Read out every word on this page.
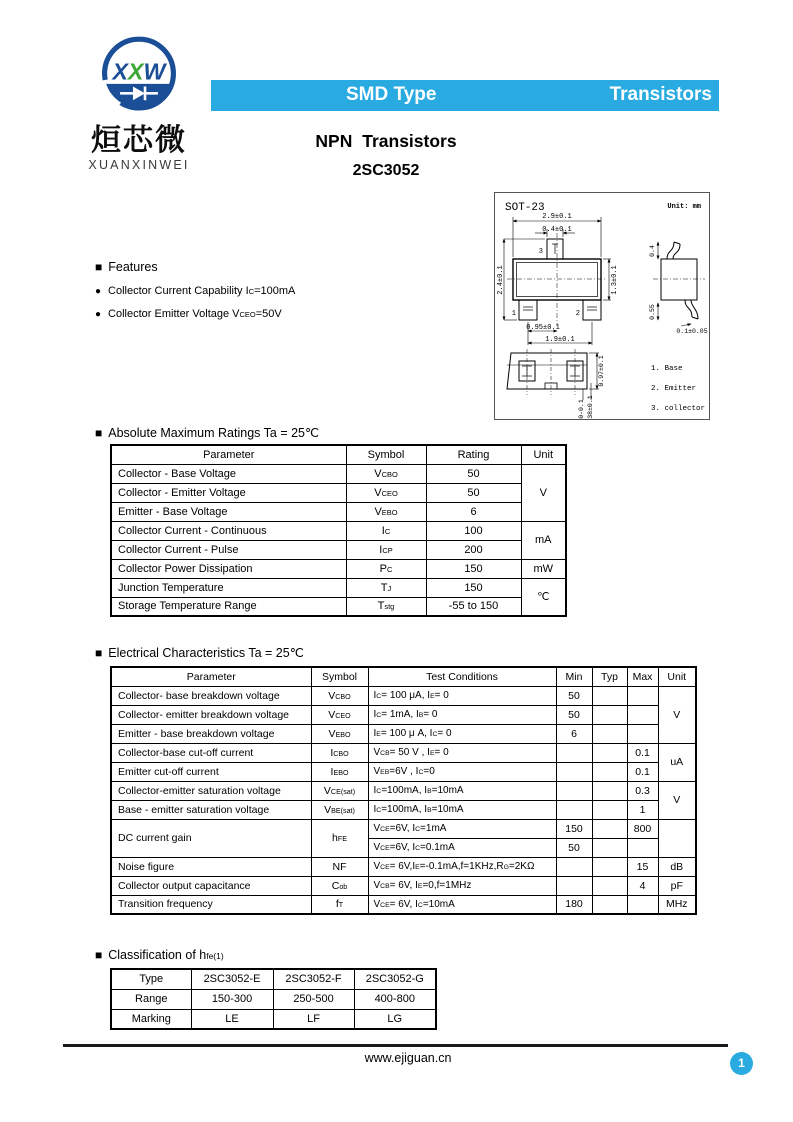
XXW
烜芯微
XUANXINWEI
SMD Type	Transistors
NPN Transistors
2SC3052
■ Features
● Collector Current Capability IC=100mA
● Collector Emitter Voltage VCEO=50V
SOT-23	Unit: mm
3
1	2
2.9±0.1
0.4±0.1
2.4±0.1	1.3±0.1
0.95±0.1
1.9±0.1
0.4
0.55
0.1±0.05
0.97±0.1
0-0.1 0.38±0.1
1. Base
2. Emitter
3. collector
■ Absolute Maximum Ratings Ta = 25℃
Parameter	Symbol	Rating	Unit
Collector - Base Voltage	VCBO	50	V
Collector - Emitter Voltage	VCEO	50	
Emitter - Base Voltage	VEBO	6	
Collector Current - Continuous	IC	100	mA
Collector Current - Pulse	ICP	200	
Collector Power Dissipation	PC	150	mW
Junction Temperature	TJ	150	℃
Storage Temperature Range	Tstg	-55 to 150	
■ Electrical Characteristics Ta = 25℃
Parameter	Symbol	Test Conditions	Min	Typ	Max	Unit
Collector- base breakdown voltage	VCBO	IC= 100 μA, IE= 0	50			V
Collector- emitter breakdown voltage	VCEO	IC= 1mA, IB= 0	50			
Emitter - base breakdown voltage	VEBO	IE= 100 μ A, IC= 0	6			
Collector-base cut-off current	ICBO	VCB= 50 V , IE= 0			0.1	uA
Emitter cut-off current	IEBO	VEB=6V , IC=0			0.1	
Collector-emitter saturation voltage	VCE(sat)	IC=100mA, IB=10mA			0.3	V
Base - emitter saturation voltage	VBE(sat)	IC=100mA, IB=10mA			1	
DC current gain	hFE	VCE=6V, IC=1mA	150		800	
		VCE=6V, IC=0.1mA	50			
Noise figure	NF	VCE= 6V,IE=-0.1mA,f=1KHz,RG=2KΩ			15	dB
Collector output capacitance	Cob	VCB= 6V, IE=0,f=1MHz			4	pF
Transition frequency	fT	VCE= 6V, IC=10mA	180			MHz
■ Classification of hfe(1)
Type	2SC3052-E	2SC3052-F	2SC3052-G
Range	150-300	250-500	400-800
Marking	LE	LF	LG
www.ejiguan.cn	1
